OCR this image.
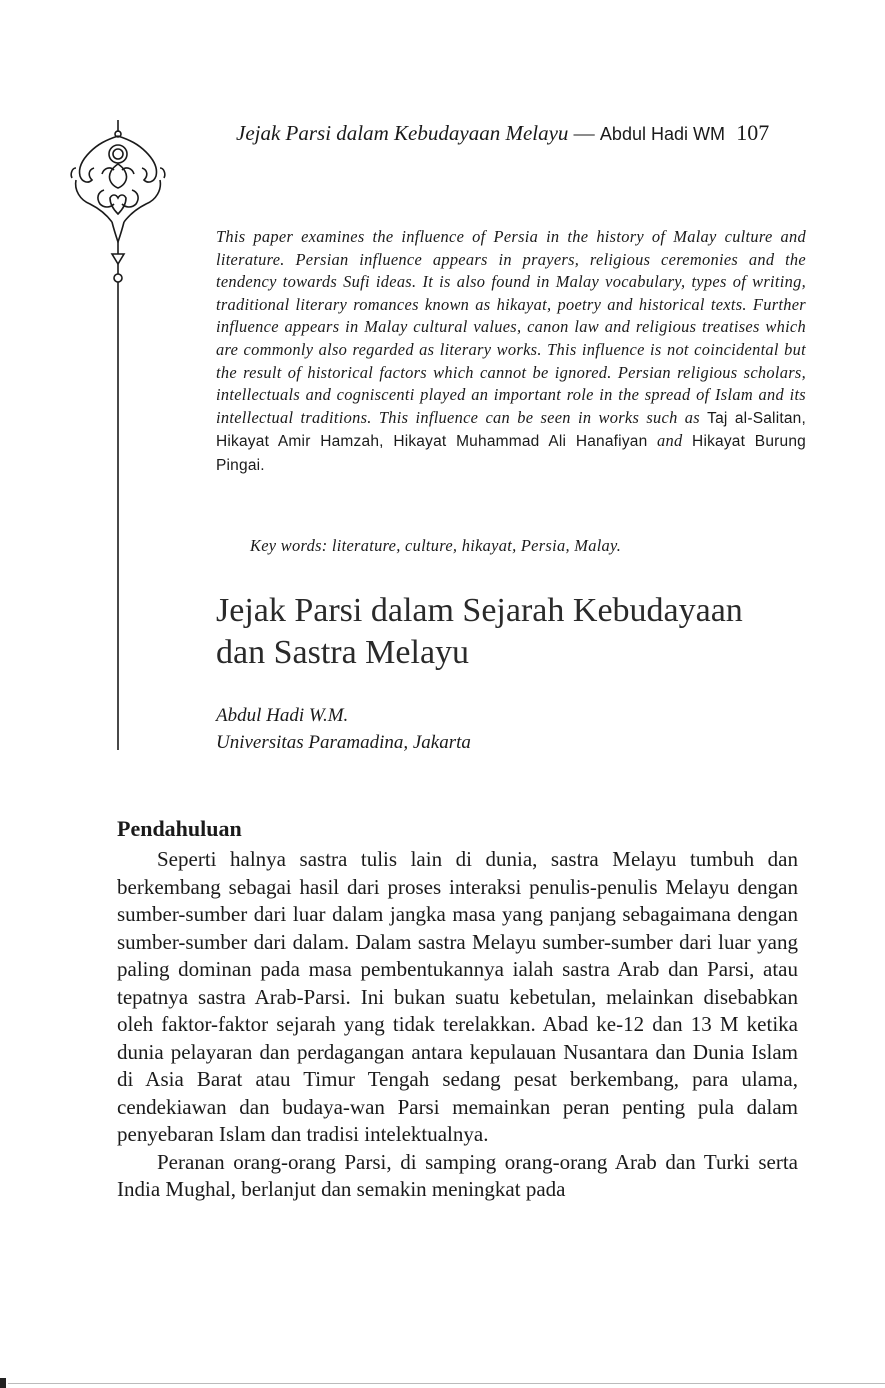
Jejak Parsi dalam Kebudayaan Melayu — Abdul Hadi WM 107
This paper examines the influence of Persia in the history of Malay culture and literature. Persian influence appears in prayers, religious ceremonies and the tendency towards Sufi ideas. It is also found in Malay vocabulary, types of writing, traditional literary romances known as hikayat, poetry and historical texts. Further influence appears in Malay cultural values, canon law and religious treatises which are commonly also regarded as literary works. This influence is not coincidental but the result of historical factors which cannot be ignored. Persian religious scholars, intellectuals and cogniscenti played an important role in the spread of Islam and its intellectual traditions. This influence can be seen in works such as Taj al-Salitan, Hikayat Amir Hamzah, Hikayat Muhammad Ali Hanafiyan and Hikayat Burung Pingai.
Key words: literature, culture, hikayat, Persia, Malay.
Jejak Parsi dalam Sejarah Kebudayaan
dan Sastra Melayu
Abdul Hadi W.M.
Universitas Paramadina, Jakarta
Pendahuluan

Seperti halnya sastra tulis lain di dunia, sastra Melayu tumbuh dan berkembang sebagai hasil dari proses interaksi penulis-penulis Melayu dengan sumber-sumber dari luar dalam jangka masa yang panjang sebagaimana dengan sumber-sumber dari dalam. Dalam sastra Melayu sumber-sumber dari luar yang paling dominan pada masa pembentukannya ialah sastra Arab dan Parsi, atau tepatnya sastra Arab-Parsi. Ini bukan suatu kebetulan, melainkan disebabkan oleh faktor-faktor sejarah yang tidak terelakkan. Abad ke-12 dan 13 M ketika dunia pelayaran dan perdagangan antara kepulauan Nusantara dan Dunia Islam di Asia Barat atau Timur Tengah sedang pesat berkembang, para ulama, cendekiawan dan budaya-wan Parsi memainkan peran penting pula dalam penyebaran Islam dan tradisi intelektualnya.

Peranan orang-orang Parsi, di samping orang-orang Arab dan Turki serta India Mughal, berlanjut dan semakin meningkat pada
